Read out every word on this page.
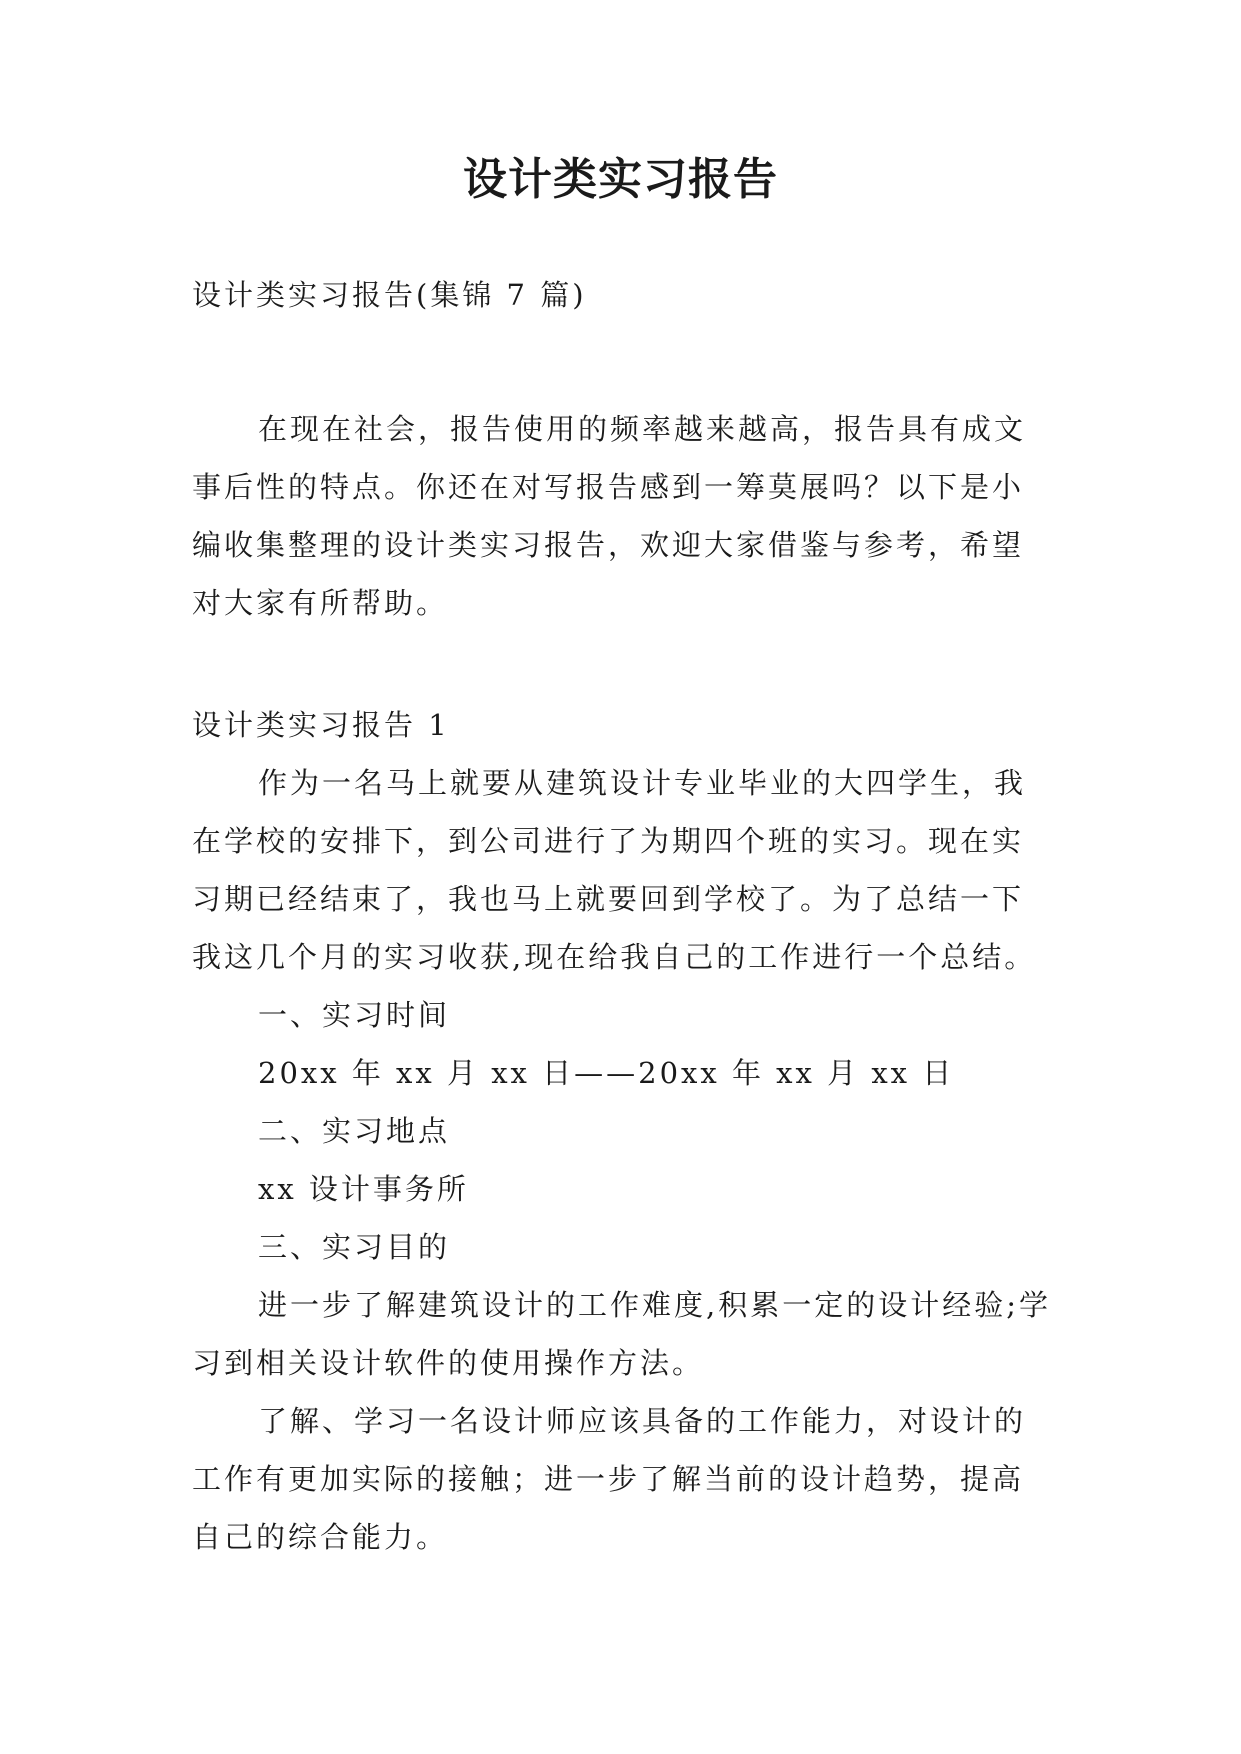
设计类实习报告

设计类实习报告(集锦 7 篇)

在现在社会，报告使用的频率越来越高，报告具有成文事后性的特点。你还在对写报告感到一筹莫展吗？以下是小编收集整理的设计类实习报告，欢迎大家借鉴与参考，希望对大家有所帮助。

设计类实习报告 1

作为一名马上就要从建筑设计专业毕业的大四学生，我在学校的安排下，到公司进行了为期四个班的实习。现在实习期已经结束了，我也马上就要回到学校了。为了总结一下我这几个月的实习收获,现在给我自己的工作进行一个总结。

一、实习时间

20xx 年 xx 月 xx 日——20xx 年 xx 月 xx 日

二、实习地点

xx 设计事务所

三、实习目的

进一步了解建筑设计的工作难度,积累一定的设计经验;学习到相关设计软件的使用操作方法。

了解、学习一名设计师应该具备的工作能力，对设计的工作有更加实际的接触；进一步了解当前的设计趋势，提高自己的综合能力。
